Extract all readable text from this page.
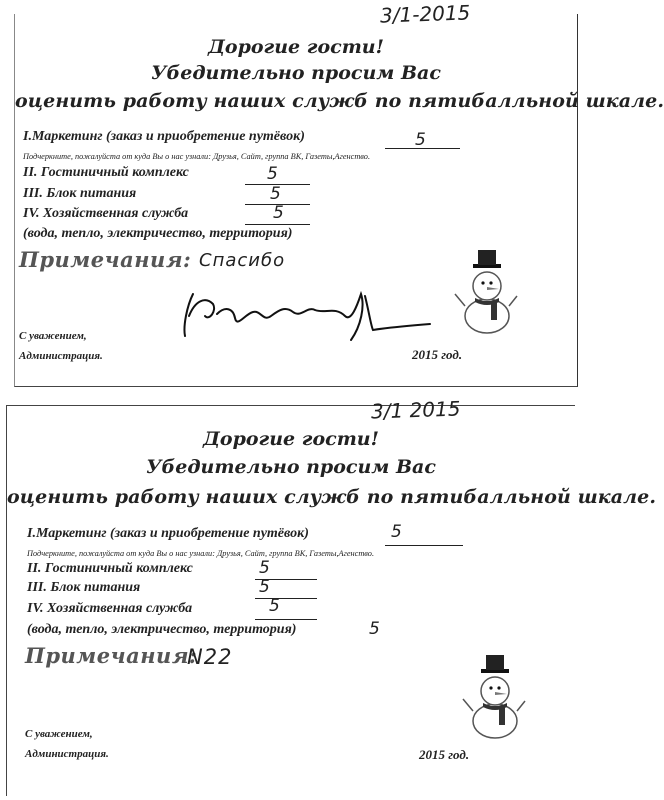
3/1-2015
Дорогие гости!
Убедительно просим Вас
оценить работу наших служб по пятибалльной шкале.
I.Маркетинг (заказ и приобретение путёвок)	5
Подчеркните, пожалуйста от куда Вы о нас узнали: Друзья, Сайт, группа ВК, Газеты,Агенство.
II. Гостиничный комплекс	5
III. Блок питания	5
IV. Хозяйственная служба	5
(вода, тепло, электричество, территория)
Примечания: Спасибо
С уважением,
Администрация.	2015 год.
3/1 2015
Дорогие гости!
Убедительно просим Вас
оценить работу наших служб по пятибалльной шкале.
I.Маркетинг (заказ и приобретение путёвок)	5
Подчеркните, пожалуйста от куда Вы о нас узнали: Друзья, Сайт, группа ВК, Газеты,Агенство.
II. Гостиничный комплекс	5
III. Блок питания	5
IV. Хозяйственная служба	5
(вода, тепло, электричество, территория)	5
Примечания:
N22
С уважением,
Администрация.	2015 год.
